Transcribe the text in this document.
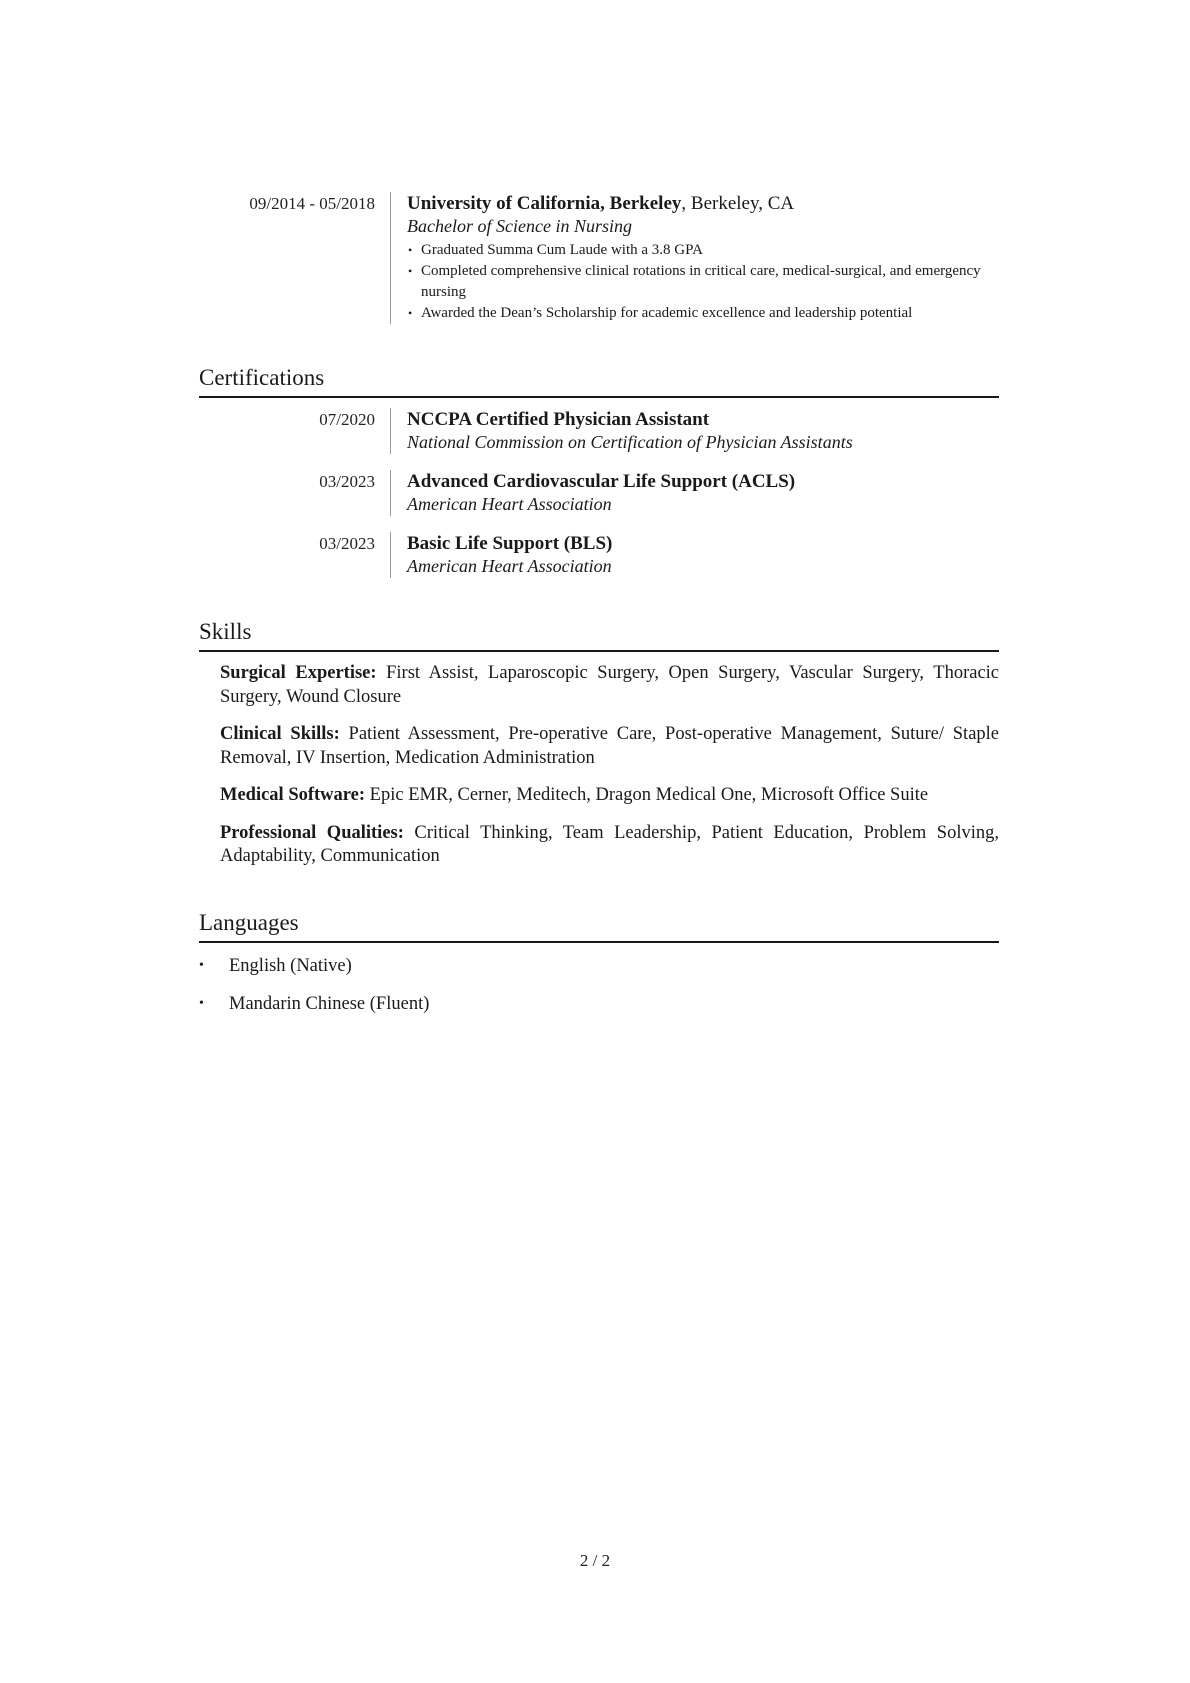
09/2014 - 05/2018	University of California, Berkeley, Berkeley, CA
Bachelor of Science in Nursing
• Graduated Summa Cum Laude with a 3.8 GPA
• Completed comprehensive clinical rotations in critical care, medical-surgical, and emergency nursing
• Awarded the Dean’s Scholarship for academic excellence and leadership potential
Certifications
07/2020	NCCPA Certified Physician Assistant
National Commission on Certification of Physician Assistants
03/2023	Advanced Cardiovascular Life Support (ACLS)
American Heart Association
03/2023	Basic Life Support (BLS)
American Heart Association
Skills
Surgical Expertise: First Assist, Laparoscopic Surgery, Open Surgery, Vascular Surgery, Thoracic Surgery, Wound Closure
Clinical Skills: Patient Assessment, Pre-operative Care, Post-operative Management, Suture/ Staple Removal, IV Insertion, Medication Administration
Medical Software: Epic EMR, Cerner, Meditech, Dragon Medical One, Microsoft Office Suite
Professional Qualities: Critical Thinking, Team Leadership, Patient Education, Problem Solving, Adaptability, Communication
Languages
• English (Native)
• Mandarin Chinese (Fluent)
2 / 2
